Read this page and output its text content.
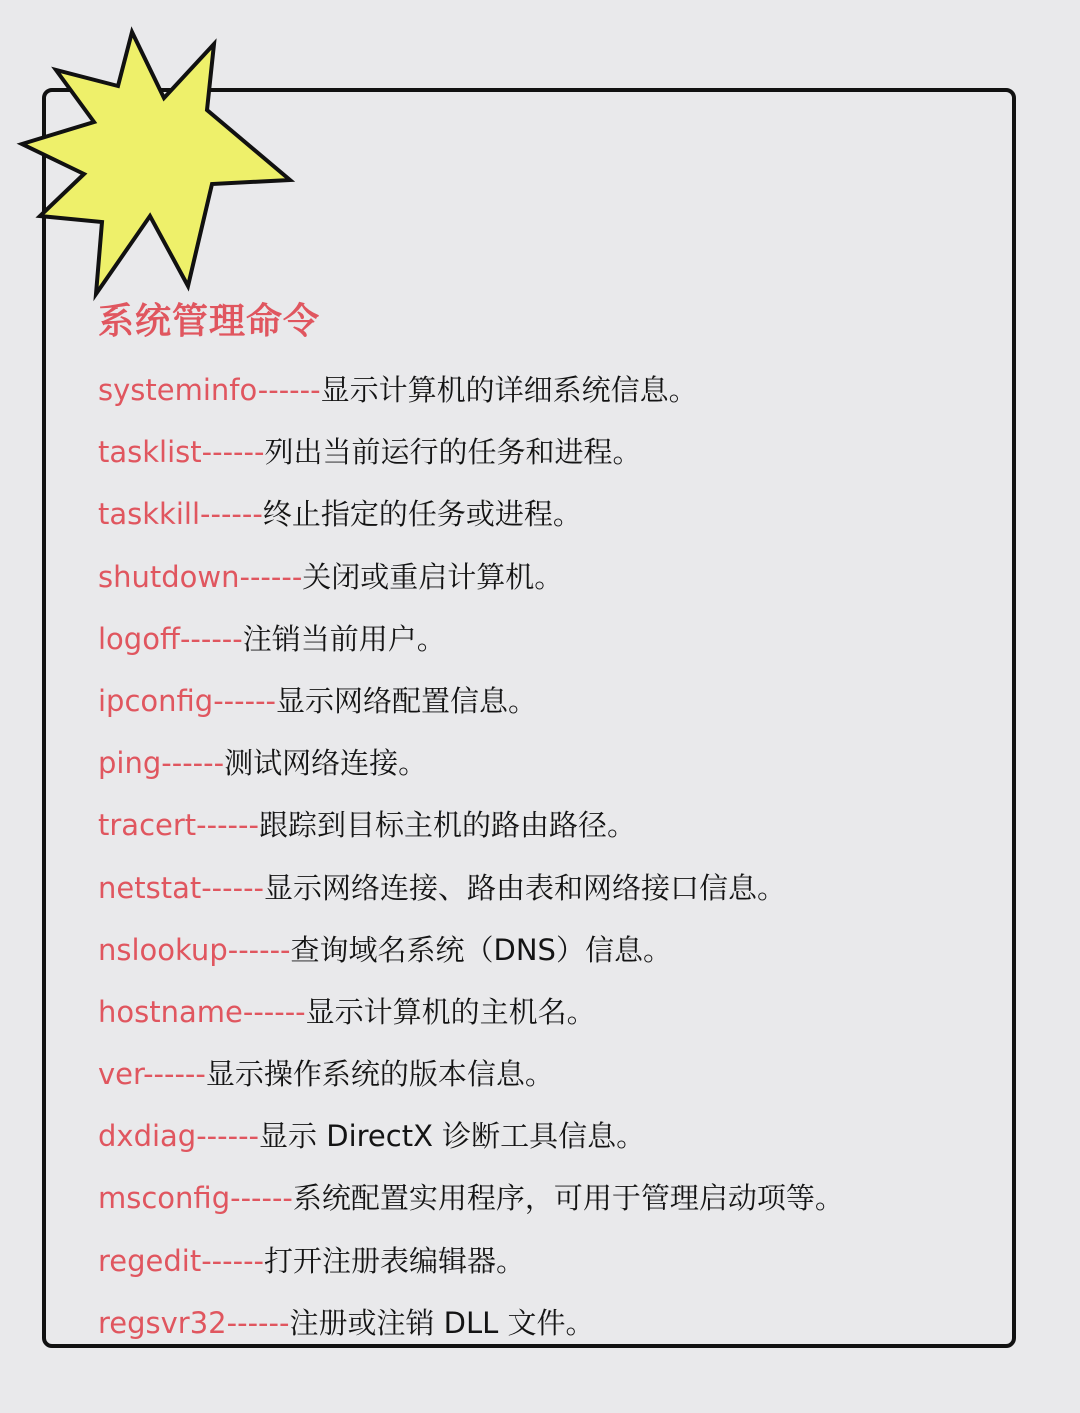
系统管理命令
systeminfo------显示计算机的详细系统信息。
tasklist------列出当前运行的任务和进程。
taskkill------终止指定的任务或进程。
shutdown------关闭或重启计算机。
logoff------注销当前用户。
ipconfig------显示网络配置信息。
ping------测试网络连接。
tracert------跟踪到目标主机的路由路径。
netstat------显示网络连接、路由表和网络接口信息。
nslookup------查询域名系统（DNS）信息。
hostname------显示计算机的主机名。
ver------显示操作系统的版本信息。
dxdiag------显示 DirectX 诊断工具信息。
msconfig------系统配置实用程序，可用于管理启动项等。
regedit------打开注册表编辑器。
regsvr32------注册或注销 DLL 文件。
